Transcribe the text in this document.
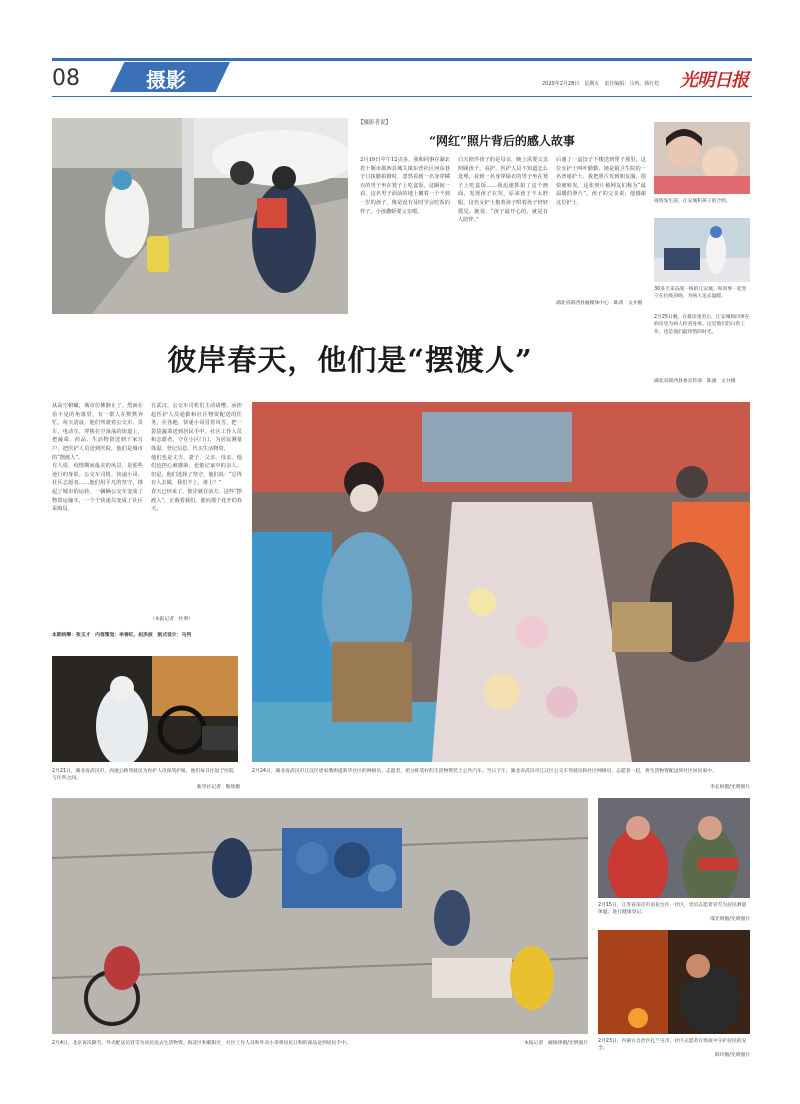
08	摄影	2020年2月28日　星期五　责任编辑：马列、韩红松 光明日报
【摄影者说】
“网红”照片背后的感人故事
2月19日中午12点多，我和同事在湖北省十堰市郧西县城关镇东营社区河东巷子口执勤拍摄时，忽然看到一名身穿橘衣的男子坐在凳子上吃盒饭。这瞬间一看，这名男子面前的地上搁着一个不到一岁的孩子，像是没有及时学会吃饭的样子，小孩撒娇要父亲喂。
白天陪伴孩子的是母亲，晚上需要父亲照顾孩子。看护、医护人员不知道怎么处理，看到一名身穿绿衣的男子坐在凳子上吃盒饭……我迅速抓拍了这个画面，发现孩子在哭，原来孩子不太舒服，这名女护士抱着孩子哄着孩子轻轻摇晃，她说：“孩子最开心的，就是有人陪伴。”
后盛了一盒饺子下楼送到凳子那里。这位女护士叫叶勤勤，她是镇卫生院的一名普通护士。我把照片发到朋友圈，很快被转发，这张照片被网友们称为“最温暖的照片”。孩子的父亲说，他感谢这位护士。
湖北省郧西县融媒体中心　陈鸿　文并摄
疫情发生前，江安城和孩子的合照。
30多天来奋战一线的江安城，和同事一起坚守在抗疫前线，为病人送去温暖。
2月25日晚，在接诊患者后，江安城和同事在病房里为病人检查身体。这是他们的日常工作，也是他们最珍惜的时光。
湖北省郧西县委宣传部　陈涵　文并摄
彼岸春天，他们是“摆渡人”
从高空俯瞰，城市仿佛静止了。然而在看不见的角落里，有一群人在默默奔忙。每天清晨，他们驾驶着公交车、货车、电动车，穿梭在空荡荡的街道上，把蔬菜、药品、生活物资送到千家万户，把医护人员送到医院，他们是城市的“摆渡人”。
有人说，疫情期间最美的风景，是那些逆行的身影。公交车司机、快递小哥、社区志愿者……他们用平凡的坚守，撑起了城市的运转。一辆辆公交车变成了物资运输车，一个个快递员变成了社区采购员。
在武汉，公交车司机们主动请缨，承担起医护人员通勤和社区物资配送的任务。在各地，快递小哥冒着风雪，把一袋袋蔬菜送到居民手中。社区工作人员和志愿者，守在小区门口，为居民测量体温、登记信息、代买生活物资。
他们也是丈夫、妻子、父亲、母亲。他们也担心被感染，也惦记家中的亲人。但是，他们选择了坚守。他们说：“总得有人去做，我们不上，谁上？”
春天已经来了，彼岸就在前方。这些“摆渡人”，正载着我们，驶向那个花开的春天。
（本报记者　杜明）
本期统筹：张玉才　内容策划：李春红、赵洪波　版式设计：马列
2月21日，湖北省武汉市，高速公路驾驶员为医护人员保驾护航，他们每日往返于医院与住所之间。
新华社记者　熊琦摄
2月24日，湖北省武汉市江汉区唐家墩街道新华社区的网格员、志愿者，把分拣装好的生活物资装上公共汽车。当日下午，湖北省武汉市江汉区公交车驾驶员和社区网格员、志愿者一起，将生活物资配送到社区居民家中。
李长柏摄/光明图片
2月4日，北京再次降雪，外卖配送员冒雪为居民送去生活物资。海淀区和朝阳区，社区工作人员和外卖小哥将居民订购的商品送到居民手中。	本报记者　邮俊锋摄/光明图片
2月15日，江苏省南京市雨花台区一社区，党员志愿者冒雪为居民测量体温、进行健康登记。
邵光明摄/光明图片
2月23日，内蒙古自治区扎兰屯市，社区志愿者在寒夜中守护居民的安全。
韩玲摄/光明图片
